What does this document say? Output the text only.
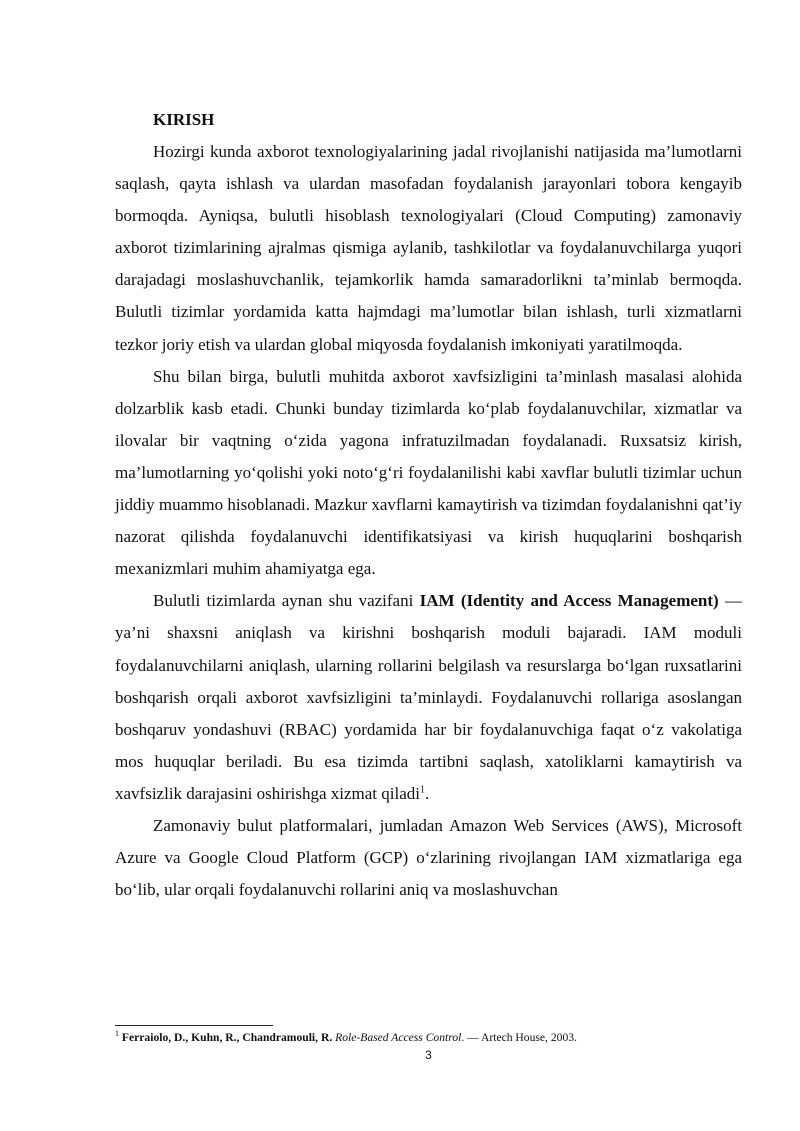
KIRISH

Hozirgi kunda axborot texnologiyalarining jadal rivojlanishi natijasida ma’lumotlarni saqlash, qayta ishlash va ulardan masofadan foydalanish jarayonlari tobora kengayib bormoqda. Ayniqsa, bulutli hisoblash texnologiyalari (Cloud Computing) zamonaviy axborot tizimlarining ajralmas qismiga aylanib, tashkilotlar va foydalanuvchilarga yuqori darajadagi moslashuvchanlik, tejamkorlik hamda samaradorlikni ta’minlab bermoqda. Bulutli tizimlar yordamida katta hajmdagi ma’lumotlar bilan ishlash, turli xizmatlarni tezkor joriy etish va ulardan global miqyosda foydalanish imkoniyati yaratilmoqda.

Shu bilan birga, bulutli muhitda axborot xavfsizligini ta’minlash masalasi alohida dolzarblik kasb etadi. Chunki bunday tizimlarda koʻplab foydalanuvchilar, xizmatlar va ilovalar bir vaqtning oʻzida yagona infratuzilmadan foydalanadi. Ruxsatsiz kirish, ma’lumotlarning yoʻqolishi yoki notoʻgʻri foydalanilishi kabi xavflar bulutli tizimlar uchun jiddiy muammo hisoblanadi. Mazkur xavflarni kamaytirish va tizimdan foydalanishni qat’iy nazorat qilishda foydalanuvchi identifikatsiyasi va kirish huquqlarini boshqarish mexanizmlari muhim ahamiyatga ega.

Bulutli tizimlarda aynan shu vazifani IAM (Identity and Access Management) — ya’ni shaxsni aniqlash va kirishni boshqarish moduli bajaradi. IAM moduli foydalanuvchilarni aniqlash, ularning rollarini belgilash va resurslarga boʻlgan ruxsatlarini boshqarish orqali axborot xavfsizligini ta’minlaydi. Foydalanuvchi rollariga asoslangan boshqaruv yondashuvi (RBAC) yordamida har bir foydalanuvchiga faqat oʻz vakolatiga mos huquqlar beriladi. Bu esa tizimda tartibni saqlash, xatoliklarni kamaytirish va xavfsizlik darajasini oshirishga xizmat qiladi$^1$.

Zamonaviy bulut platformalari, jumladan Amazon Web Services (AWS), Microsoft Azure va Google Cloud Platform (GCP) oʻzlarining rivojlangan IAM xizmatlariga ega boʻlib, ular orqali foydalanuvchi rollarini aniq va moslashuvchan

$^1$ Ferraiolo, D., Kuhn, R., Chandramouli, R. Role-Based Access Control. — Artech House, 2003.
3
